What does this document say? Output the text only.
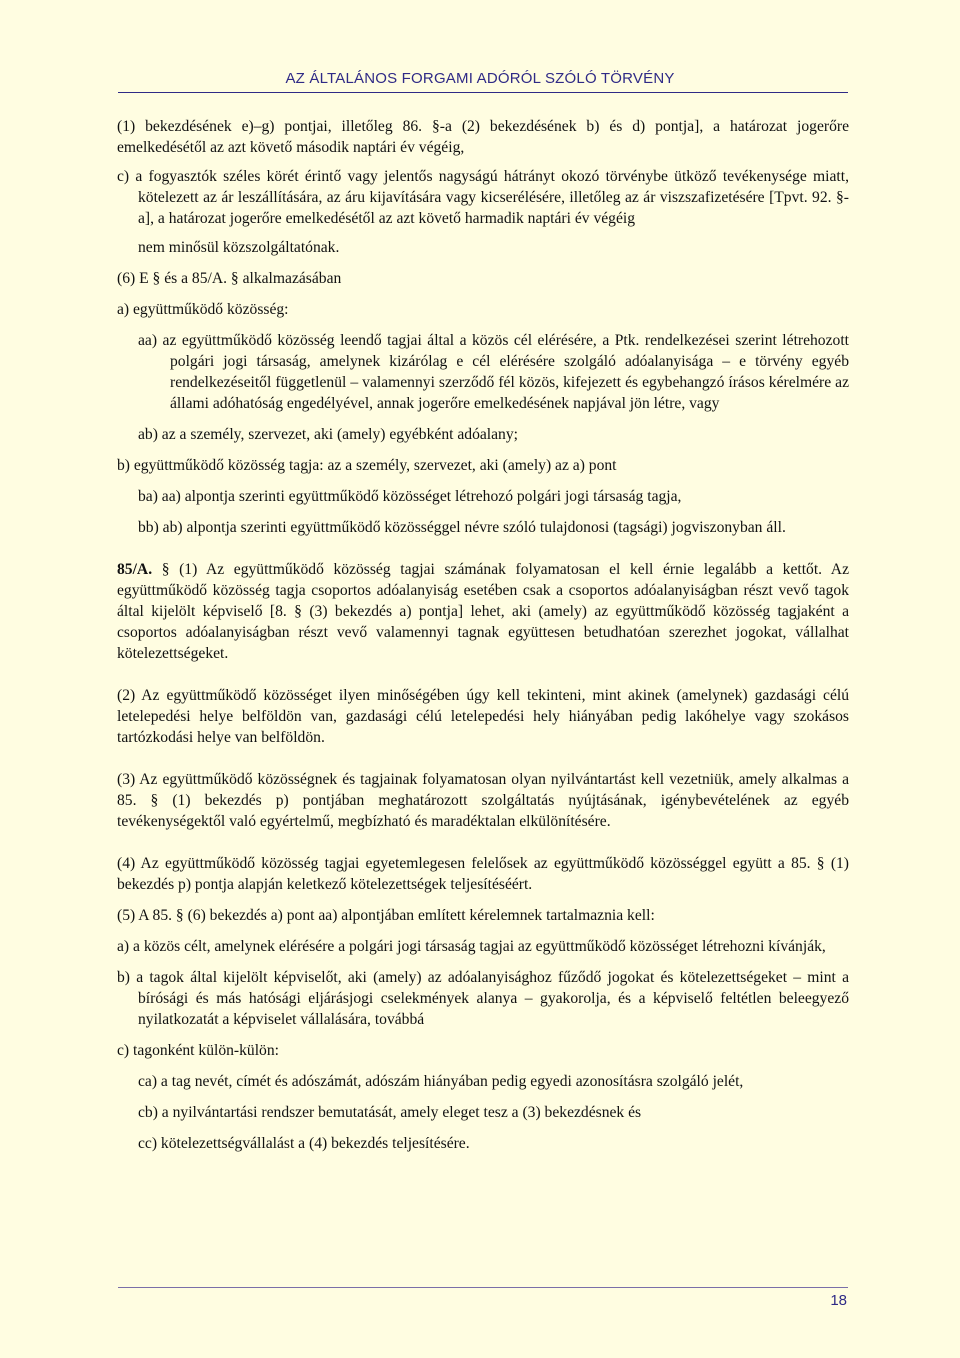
AZ ÁLTALÁNOS FORGAMI ADÓRÓL SZÓLÓ TÖRVÉNY

(1) bekezdésének e)–g) pontjai, illetőleg 86. §-a (2) bekezdésének b) és d) pontja], a határozat jogerőre emelkedésétől az azt követő második naptári év végéig,

c) a fogyasztók széles körét érintő vagy jelentős nagyságú hátrányt okozó törvénybe ütköző tevékenysége miatt, kötelezett az ár leszállítására, az áru kijavítására vagy kicserélésére, illetőleg az ár viszszafizetésére [Tpvt. 92. §-a], a határozat jogerőre emelkedésétől az azt követő harmadik naptári év végéig

nem minősül közszolgáltatónak.

(6) E § és a 85/A. § alkalmazásában

a) együttműködő közösség:

aa) az együttműködő közösség leendő tagjai által a közös cél elérésére, a Ptk. rendelkezései szerint létrehozott polgári jogi társaság, amelynek kizárólag e cél elérésére szolgáló adóalanyisága – e törvény egyéb rendelkezéseitől függetlenül – valamennyi szerződő fél közös, kifejezett és egybehangzó írásos kérelmére az állami adóhatóság engedélyével, annak jogerőre emelkedésének napjával jön létre, vagy

ab) az a személy, szervezet, aki (amely) egyébként adóalany;

b) együttműködő közösség tagja: az a személy, szervezet, aki (amely) az a) pont

ba) aa) alpontja szerinti együttműködő közösséget létrehozó polgári jogi társaság tagja,

bb) ab) alpontja szerinti együttműködő közösséggel névre szóló tulajdonosi (tagsági) jogviszonyban áll.

85/A. § (1) Az együttműködő közösség tagjai számának folyamatosan el kell érnie legalább a kettőt. Az együttműködő közösség tagja csoportos adóalanyiság esetében csak a csoportos adóalanyiságban részt vevő tagok által kijelölt képviselő [8. § (3) bekezdés a) pontja] lehet, aki (amely) az együttműködő közösség tagjaként a csoportos adóalanyiságban részt vevő valamennyi tagnak együttesen betudhatóan szerezhet jogokat, vállalhat kötelezettségeket.

(2) Az együttműködő közösséget ilyen minőségében úgy kell tekinteni, mint akinek (amelynek) gazdasági célú letelepedési helye belföldön van, gazdasági célú letelepedési hely hiányában pedig lakóhelye vagy szokásos tartózkodási helye van belföldön.

(3) Az együttműködő közösségnek és tagjainak folyamatosan olyan nyilvántartást kell vezetniük, amely alkalmas a 85. § (1) bekezdés p) pontjában meghatározott szolgáltatás nyújtásának, igénybevételének az egyéb tevékenységektől való egyértelmű, megbízható és maradéktalan elkülönítésére.

(4) Az együttműködő közösség tagjai egyetemlegesen felelősek az együttműködő közösséggel együtt a 85. § (1) bekezdés p) pontja alapján keletkező kötelezettségek teljesítéséért.

(5) A 85. § (6) bekezdés a) pont aa) alpontjában említett kérelemnek tartalmaznia kell:

a) a közös célt, amelynek elérésére a polgári jogi társaság tagjai az együttműködő közösséget létrehozni kívánják,

b) a tagok által kijelölt képviselőt, aki (amely) az adóalanyisághoz fűződő jogokat és kötelezettségeket – mint a bírósági és más hatósági eljárásjogi cselekmények alanya – gyakorolja, és a képviselő feltétlen beleegyező nyilatkozatát a képviselet vállalására, továbbá

c) tagonként külön-külön:

ca) a tag nevét, címét és adószámát, adószám hiányában pedig egyedi azonosításra szolgáló jelét,

cb) a nyilvántartási rendszer bemutatását, amely eleget tesz a (3) bekezdésnek és

cc) kötelezettségvállalást a (4) bekezdés teljesítésére.

18
